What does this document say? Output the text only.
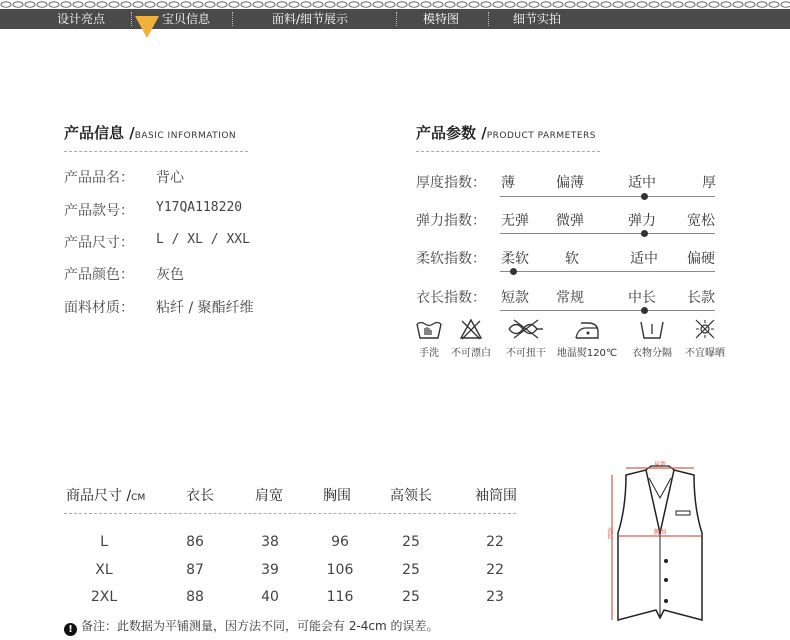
设计亮点	宝贝信息	面料/细节展示	模特图	细节实拍
产品信息 /BASIC INFORMATION
产品品名： 背心
产品款号： Y17QA118220
产品尺寸： L / XL / XXL
产品颜色： 灰色
面料材质： 粘纤 / 聚酯纤维
产品参数 /PRODUCT PARMETERS
厚度指数： 薄	偏薄	适中	厚
弹力指数： 无弹 微弹	弹力 宽松
柔软指数： 柔软	软	适中 偏硬
衣长指数： 短款 常规	中长 长款
手洗	不可漂白	不可扭干	地温熨120℃	衣物分隔	不宜曝晒
商品尺寸 /CM	衣长	肩宽	胸围	高领长	袖筒围
L	86	38	96	25	22
XL	87	39	106	25	22
2XL	88	40	116	25	23
! 备注：此数据为平铺测量，因方法不同，可能会有 2-4cm 的误差。
肩宽
胸围
衣长
